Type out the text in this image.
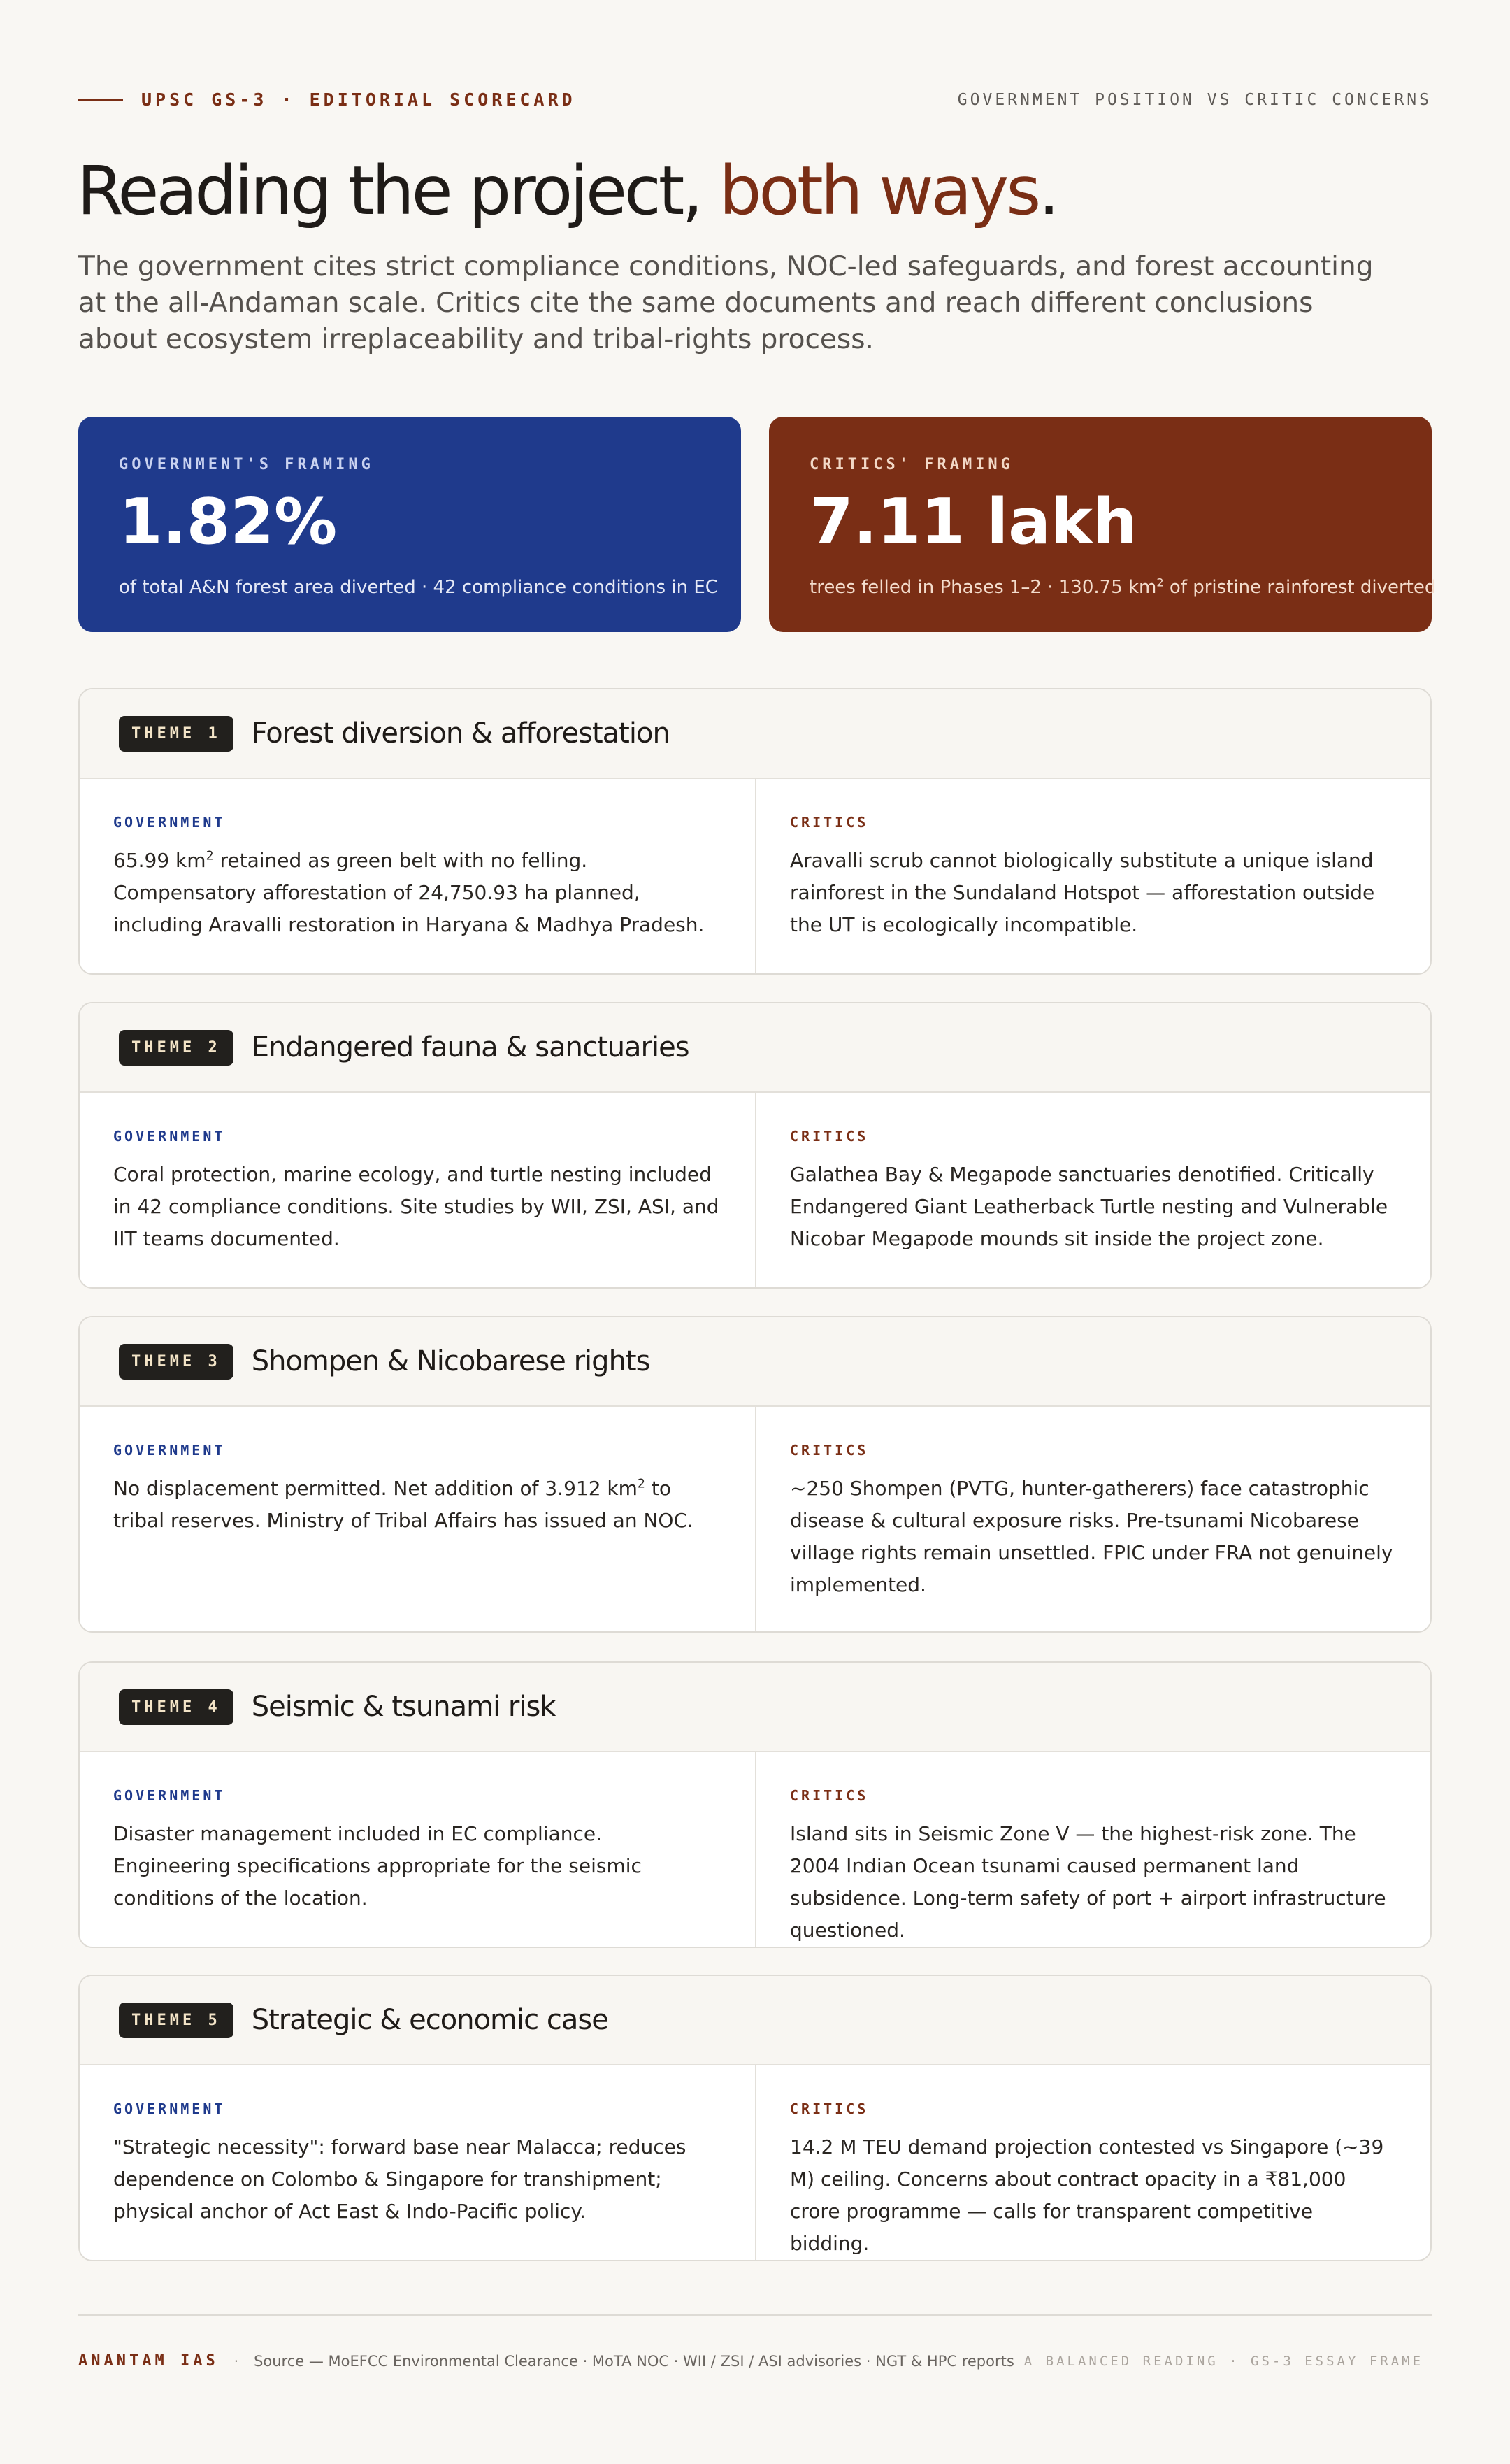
UPSC GS-3 · EDITORIAL SCORECARD	GOVERNMENT POSITION VS CRITIC CONCERNS
Reading the project, both ways.

The government cites strict compliance conditions, NOC-led safeguards, and forest accounting at the all-Andaman scale. Critics cite the same documents and reach different conclusions about ecosystem irreplaceability and tribal-rights process.

GOVERNMENT'S FRAMING
1.82%
of total A&N forest area diverted · 42 compliance conditions in EC
CRITICS' FRAMING
7.11 lakh
trees felled in Phases 1–2 · 130.75 $km^2$ of pristine rainforest diverted
THEME 1	Forest diversion & afforestation
GOVERNMENT

65.99 $km^2$ retained as green belt with no felling. Compensatory afforestation of 24,750.93 ha planned, including Aravalli restoration in Haryana & Madhya Pradesh.

CRITICS

Aravalli scrub cannot biologically substitute a unique island rainforest in the Sundaland Hotspot — afforestation outside the UT is ecologically incompatible.

THEME 2	Endangered fauna & sanctuaries
GOVERNMENT

Coral protection, marine ecology, and turtle nesting included in 42 compliance conditions. Site studies by WII, ZSI, ASI, and IIT teams documented.

CRITICS

Galathea Bay & Megapode sanctuaries denotified. Critically Endangered Giant Leatherback Turtle nesting and Vulnerable Nicobar Megapode mounds sit inside the project zone.

THEME 3	Shompen & Nicobarese rights
GOVERNMENT

No displacement permitted. Net addition of 3.912 $km^2$ to tribal reserves. Ministry of Tribal Affairs has issued an NOC.

CRITICS

~250 Shompen (PVTG, hunter-gatherers) face catastrophic disease & cultural exposure risks. Pre-tsunami Nicobarese village rights remain unsettled. FPIC under FRA not genuinely implemented.

THEME 4	Seismic & tsunami risk
GOVERNMENT

Disaster management included in EC compliance. Engineering specifications appropriate for the seismic conditions of the location.

CRITICS

Island sits in Seismic Zone V — the highest-risk zone. The 2004 Indian Ocean tsunami caused permanent land subsidence. Long-term safety of port + airport infrastructure questioned.

THEME 5	Strategic & economic case
GOVERNMENT

"Strategic necessity": forward base near Malacca; reduces dependence on Colombo & Singapore for transhipment; physical anchor of Act East & Indo-Pacific policy.

CRITICS

14.2 M TEU demand projection contested vs Singapore (~39 M) ceiling. Concerns about contract opacity in a ₹81,000 crore programme — calls for transparent competitive bidding.

ANANTAM IAS · Source — MoEFCC Environmental Clearance · MoTA NOC · WII / ZSI / ASI advisories · NGT & HPC reports A BALANCED READING · GS-3 ESSAY FRAME
